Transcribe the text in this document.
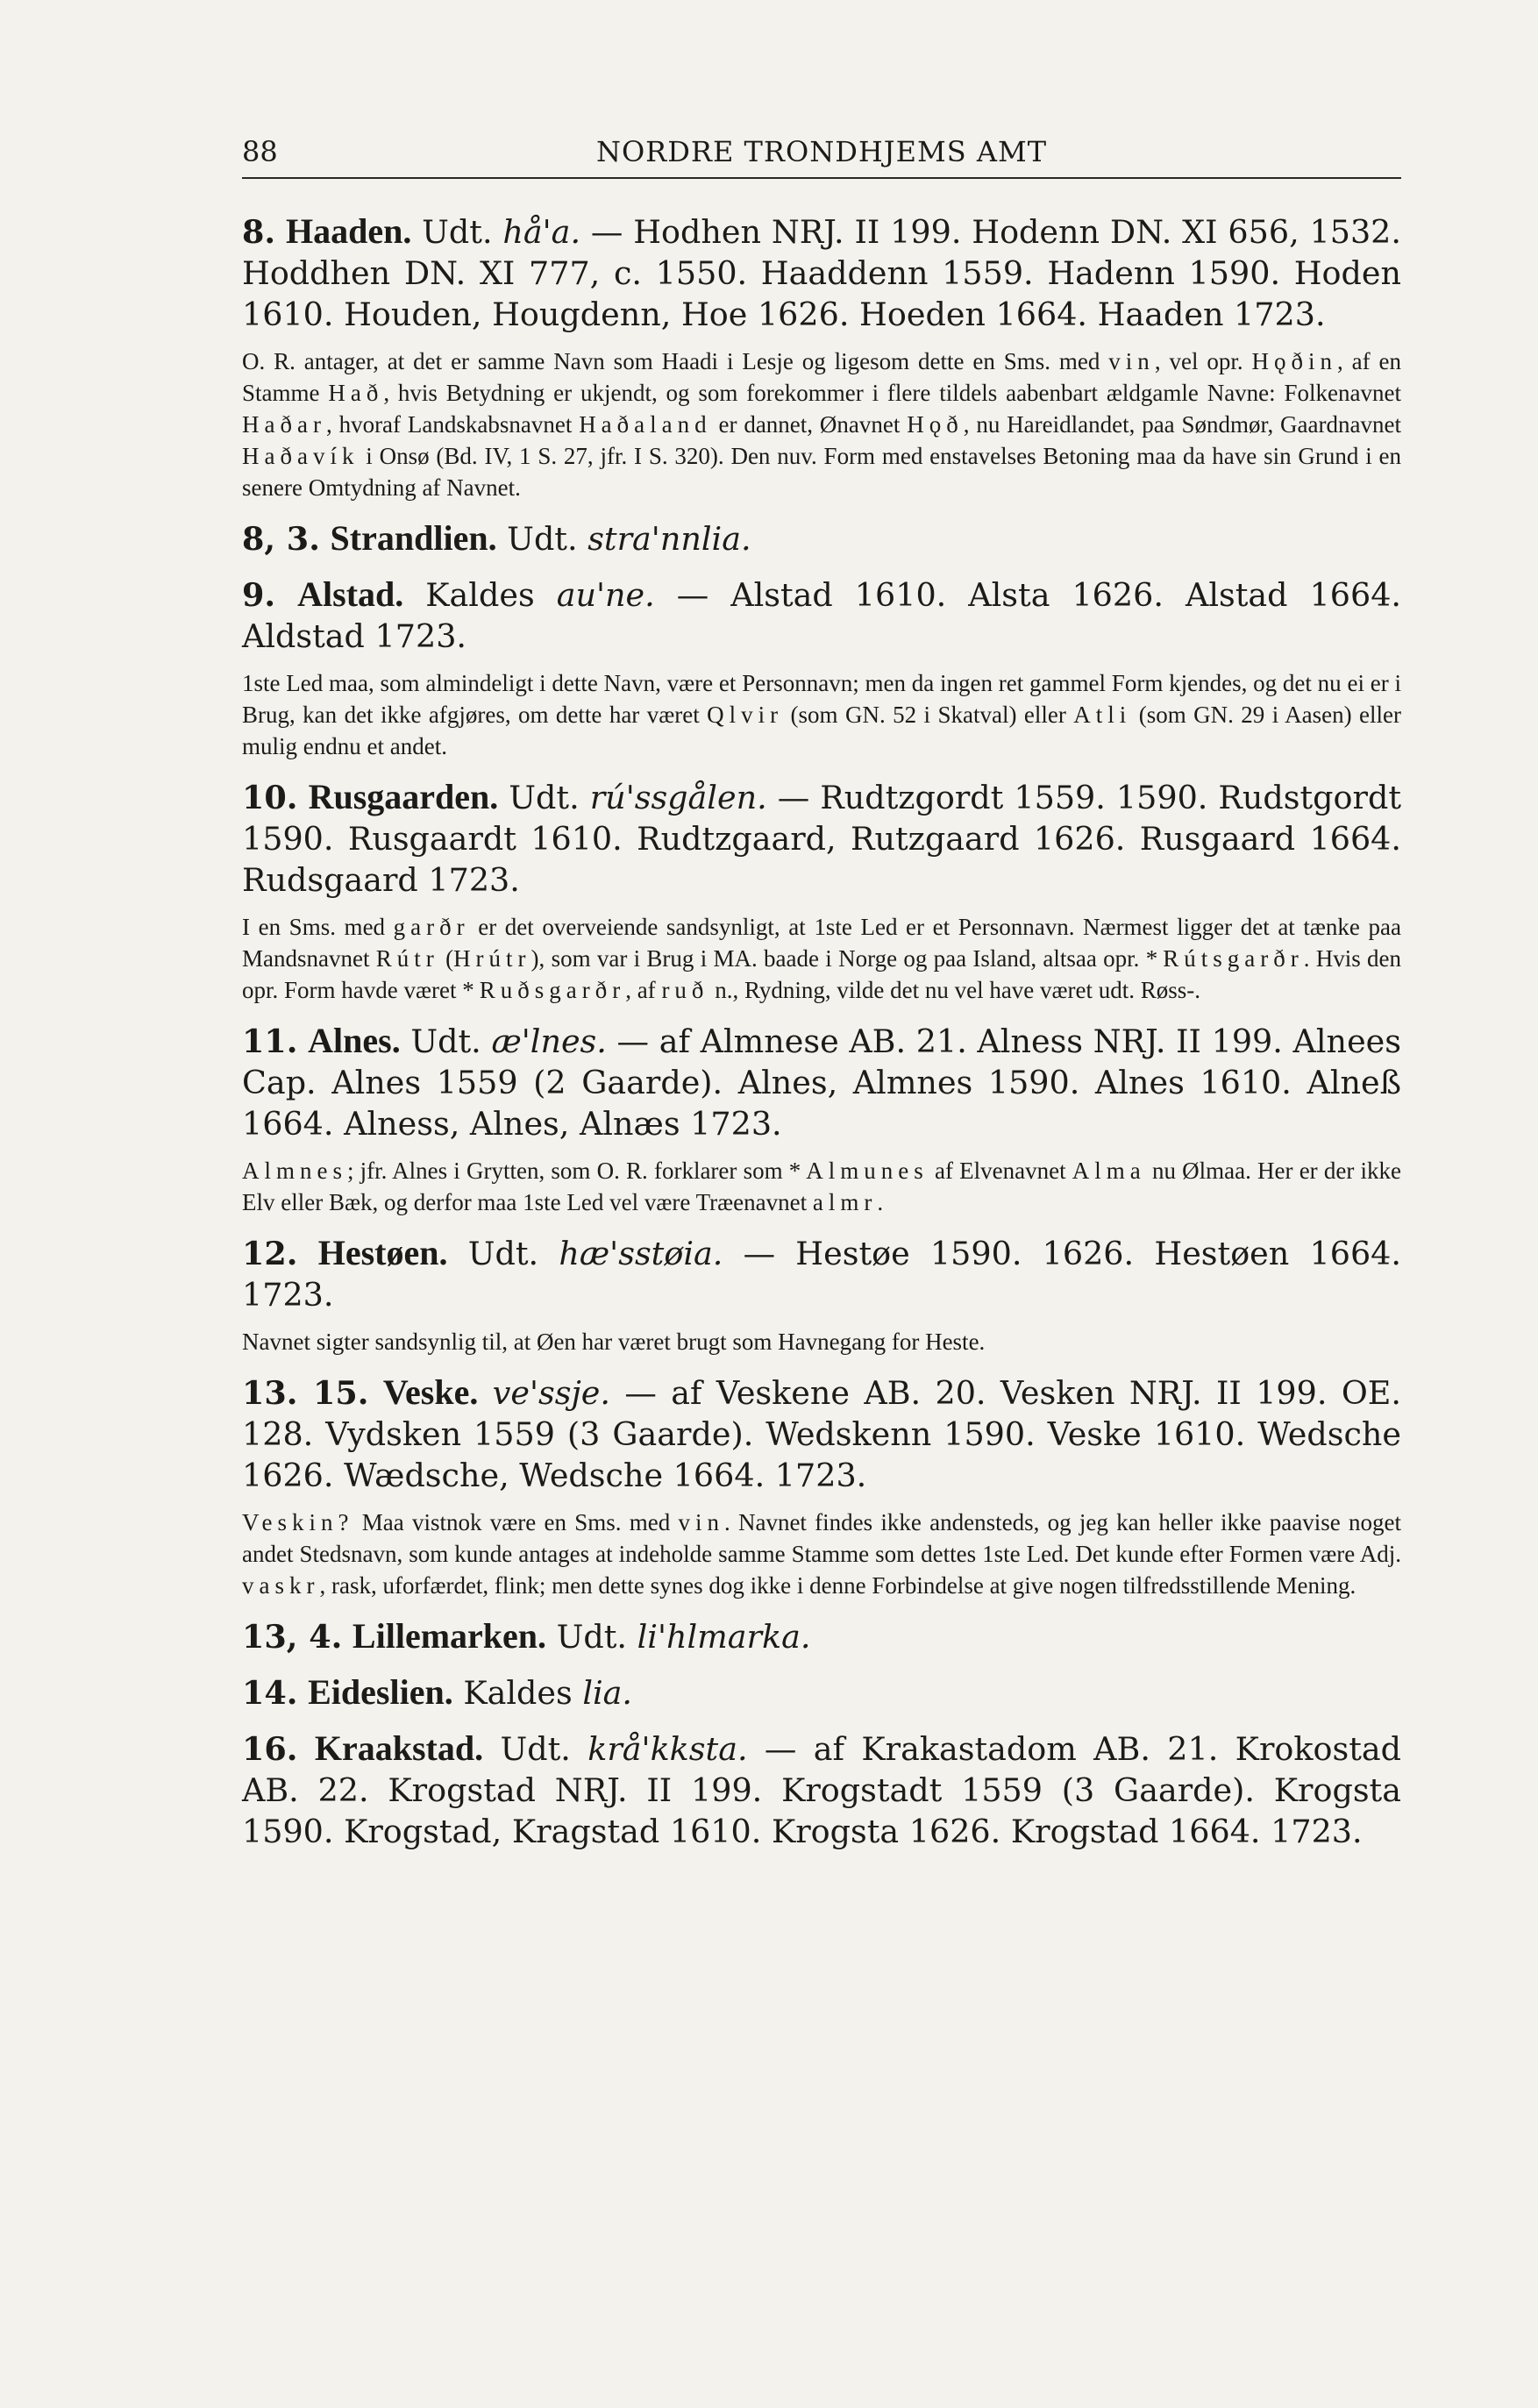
88	NORDRE TRONDHJEMS AMT

8. Haaden. Udt. hå'a. — Hodhen NRJ. II 199. Hodenn DN. XI 656, 1532. Hoddhen DN. XI 777, c. 1550. Haaddenn 1559. Hadenn 1590. Hoden 1610. Houden, Hougdenn, Hoe 1626. Hoeden 1664. Haaden 1723.

O. R. antager, at det er samme Navn som Haadi i Lesje og ligesom dette en Sms. med vin, vel opr. Hǫðin, af en Stamme Hað, hvis Betydning er ukjendt, og som forekommer i flere tildels aabenbart ældgamle Navne: Folkenavnet Haðar, hvoraf Landskabsnavnet Haðaland er dannet, Ønavnet Hǫð, nu Hareidlandet, paa Søndmør, Gaardnavnet Haðavík i Onsø (Bd. IV, 1 S. 27, jfr. I S. 320). Den nuv. Form med enstavelses Betoning maa da have sin Grund i en senere Omtydning af Navnet.

8, 3. Strandlien. Udt. stra'nnlia.

9. Alstad. Kaldes au'ne. — Alstad 1610. Alsta 1626. Alstad 1664. Aldstad 1723.

1ste Led maa, som almindeligt i dette Navn, være et Personnavn; men da ingen ret gammel Form kjendes, og det nu ei er i Brug, kan det ikke afgjøres, om dette har været Qlvir (som GN. 52 i Skatval) eller Atli (som GN. 29 i Aasen) eller mulig endnu et andet.

10. Rusgaarden. Udt. rú'ssgålen. — Rudtzgordt 1559. 1590. Rudstgordt 1590. Rusgaardt 1610. Rudtzgaard, Rutzgaard 1626. Rusgaard 1664. Rudsgaard 1723.

I en Sms. med garðr er det overveiende sandsynligt, at 1ste Led er et Personnavn. Nærmest ligger det at tænke paa Mandsnavnet Rútr (Hrútr), som var i Brug i MA. baade i Norge og paa Island, altsaa opr. *Rútsgarðr. Hvis den opr. Form havde været *Ruðsgarðr, af ruð n., Rydning, vilde det nu vel have været udt. Røss-.

11. Alnes. Udt. æ'lnes. — af Almnese AB. 21. Alness NRJ. II 199. Alnees Cap. Alnes 1559 (2 Gaarde). Alnes, Almnes 1590. Alnes 1610. Alneß 1664. Alness, Alnes, Alnæs 1723.

Almnes; jfr. Alnes i Grytten, som O. R. forklarer som *Almunes af Elvenavnet Alma nu Ølmaa. Her er der ikke Elv eller Bæk, og derfor maa 1ste Led vel være Træenavnet almr.

12. Hestøen. Udt. hæ'sstøia. — Hestøe 1590. 1626. Hestøen 1664. 1723.

Navnet sigter sandsynlig til, at Øen har været brugt som Havnegang for Heste.

13. 15. Veske. ve'ssje. — af Veskene AB. 20. Vesken NRJ. II 199. OE. 128. Vydsken 1559 (3 Gaarde). Wedskenn 1590. Veske 1610. Wedsche 1626. Wædsche, Wedsche 1664. 1723.

Veskin? Maa vistnok være en Sms. med vin. Navnet findes ikke andensteds, og jeg kan heller ikke paavise noget andet Stedsnavn, som kunde antages at indeholde samme Stamme som dettes 1ste Led. Det kunde efter Formen være Adj. vaskr, rask, uforfærdet, flink; men dette synes dog ikke i denne Forbindelse at give nogen tilfredsstillende Mening.

13, 4. Lillemarken. Udt. li'hlmarka.

14. Eideslien. Kaldes lia.

16. Kraakstad. Udt. krå'kksta. — af Krakastadom AB. 21. Krokostad AB. 22. Krogstad NRJ. II 199. Krogstadt 1559 (3 Gaarde). Krogsta 1590. Krogstad, Kragstad 1610. Krogsta 1626. Krogstad 1664. 1723.
